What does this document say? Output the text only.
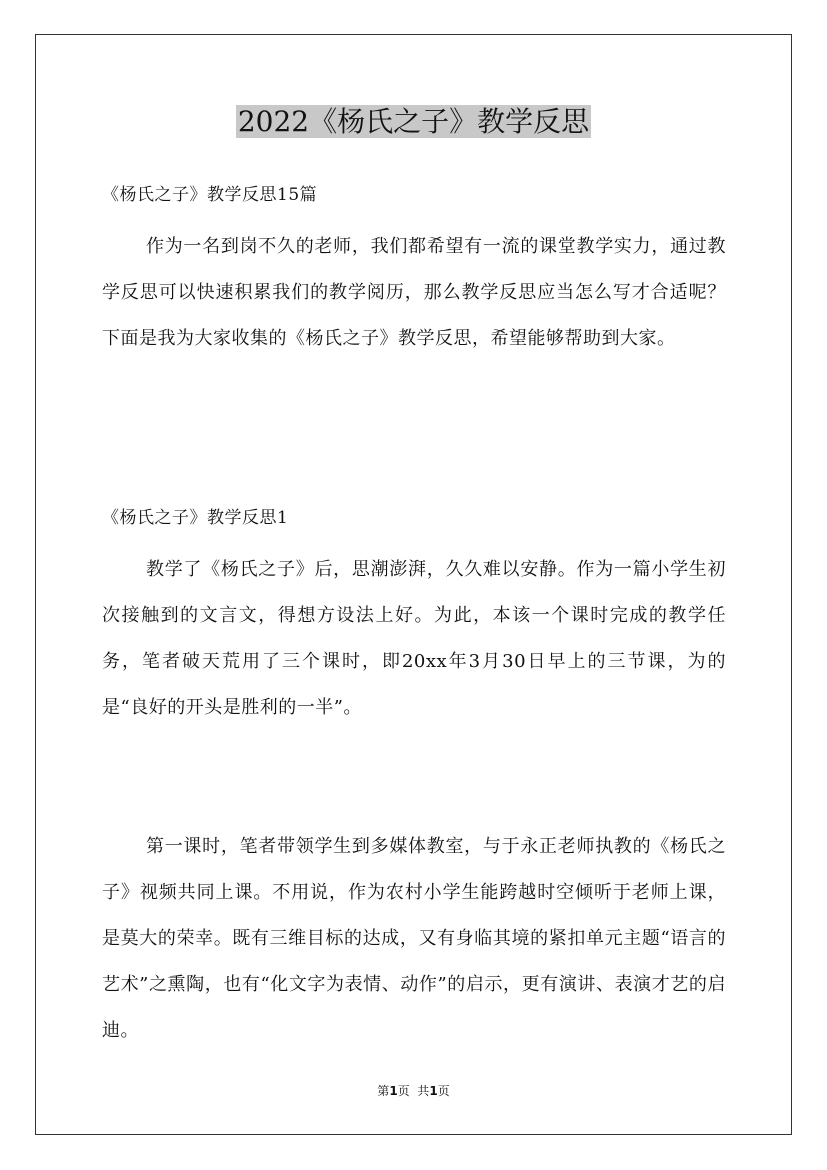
2022《杨氏之子》教学反思

《杨氏之子》教学反思15篇

作为一名到岗不久的老师，我们都希望有一流的课堂教学实力，通过教学反思可以快速积累我们的教学阅历，那么教学反思应当怎么写才合适呢？下面是我为大家收集的《杨氏之子》教学反思，希望能够帮助到大家。

《杨氏之子》教学反思1

教学了《杨氏之子》后，思潮澎湃，久久难以安静。作为一篇小学生初次接触到的文言文，得想方设法上好。为此，本该一个课时完成的教学任务，笔者破天荒用了三个课时，即20xx年3月30日早上的三节课，为的是“良好的开头是胜利的一半”。

第一课时，笔者带领学生到多媒体教室，与于永正老师执教的《杨氏之子》视频共同上课。不用说，作为农村小学生能跨越时空倾听于老师上课，是莫大的荣幸。既有三维目标的达成，又有身临其境的紧扣单元主题“语言的艺术”之熏陶，也有“化文字为表情、动作”的启示，更有演讲、表演才艺的启迪。

第1页  共1页
